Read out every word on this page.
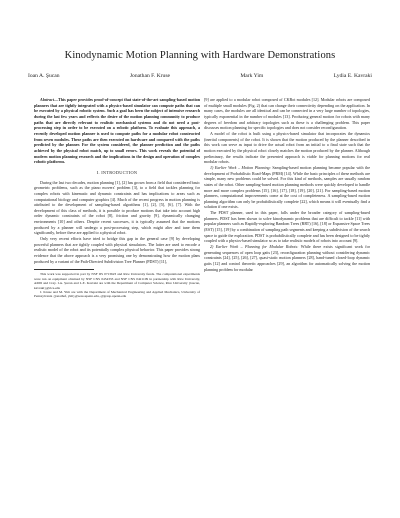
Kinodynamic Motion Planning with Hardware Demonstrations
Ioan A. Şucan	Jonathan F. Kruse	Mark Yim	Lydia E. Kavraki

Abstract—This paper provides proof-of-concept that state-of-the-art sampling-based motion planners that are tightly integrated with a physics-based simulator can compute paths that can be executed by a physical robotic system. Such a goal has been the subject of intensive research during the last few years and reflects the desire of the motion planning community to produce paths that are directly relevant to realistic mechanical systems and do not need a post-processing step in order to be executed on a robotic platform. To evaluate this approach, a recently developed motion planner is used to compute paths for a modular robot constructed from seven modules. These paths are then executed on hardware and compared with the paths predicted by the planner. For the system considered, the planner prediction and the paths achieved by the physical robot match, up to small errors. This work reveals the potential of modern motion planning research and the implications in the design and operation of complex robotic platforms.

I. INTRODUCTION

During the last two decades, motion planning [1], [2] has grown from a field that considered basic geometric problems, such as the piano movers' problem [3], to a field that tackles planning for complex robots with kinematic and dynamic constraints and has implications to areas such as computational biology and computer graphics [4]. Much of the recent progress in motion planning is attributed to the development of sampling-based algorithms [1], [2], [5], [6], [7]. With the development of this class of methods, it is possible to produce motions that take into account high order dynamic constraints of the robot [8], friction and gravity [9], dynamically changing environments [10] and others. Despite recent successes, it is typically assumed that the motions produced by a planner will undergo a post-processing step, which might alter and tune them significantly, before these are applied to a physical robot.

Only very recent efforts have tried to bridge this gap in the general case [9] by developing powerful planners that are tightly coupled with physical simulators. The latter are used to encode a realistic model of the robot and its potentially complex physical behavior. This paper provides strong evidence that the above approach is a very promising one by demonstrating how the motion plans produced by a variant of the Path-Directed Subdivision Tree Planner (PDST) [11],

This work was supported in part by NSF IIS 0713623 and Rice University funds. The computational experiments were run on equipment obtained by NSF CNS 0454333 and NSF CNS 0421109 in partnership with Rice University, AMD and Cray. I.A. Şucan and L.E. Kavraki are with the Department of Computer Science, Rice University {isucan, kavraki}@rice.edu

J. Kruse and M. Yim are with the Department of Mechanical Engineering and Applied Mechanics, University of Pennsylvania {jonathaf, yim}@seas.upenn.edu, @grasp.upenn.edu

[9] are applied to a modular robot composed of CKBot modules [12]. Modular robots are composed of multiple small modules (Fig. 2) that can change their connectivity depending on the application. In many cases, the modules are all identical and can be connected in a very large number of topologies, typically exponential in the number of modules [13]. Producing general motion for robots with many degrees of freedom and arbitrary topologies such as these is a challenging problem. This paper discusses motion planning for specific topologies and does not consider reconfiguration.

A model of the robot is built using a physics-based simulator that incorporates the dynamics (inertial components) of the robot. It is shown that the motion produced by the planner described in this work can serve as input to drive the actual robot from an initial to a final state such that the motion executed by the physical robot closely matches the motion produced by the planner. Although preliminary, the results indicate the presented approach is viable for planning motions for real modular robots.

1) Earlier Work – Motion Planning: Sampling-based motion planning became popular with the development of Probabilistic Road-Maps (PRM) [14]. While the basic principles of these methods are simple, many new problems could be solved. For this kind of methods, samples are usually random states of the robot. Other sampling-based motion planning methods were quickly developed to handle more and more complex problems [15], [16], [17], [18], [19], [20], [21]. For sampling-based motion planners, computational improvements come at the cost of completeness. A sampling-based motion planning algorithm can only be probabilistically complete [22], which means it will eventually find a solution if one exists.

The PDST planner, used in this paper, falls under the broader category of sampling-based planners. PDST has been shown to solve kinodynamic problems that are difficult to tackle [11] with popular planners such as Rapidly-exploring Random Trees (RRT) [16], [18] or Expansive Space Trees (EST) [15], [19] by a combination of sampling path segments and keeping a subdivision of the search space to guide the exploration. PDST is probabilistically complete and has been designed to be tightly coupled with a physics-based simulator so as to take realistic models of robots into account [9].

2) Earlier Work – Planning for Modular Robots: While there exists significant work for generating sequences of open loop gaits [23], reconfiguration planning without considering dynamic constraints [24], [25], [26], [27], quasi-static motion planners [28], hand-tuned closed-loop dynamic gaits [12] and control theoretic approaches [29], an algorithm for automatically solving the motion planning problem for modular
